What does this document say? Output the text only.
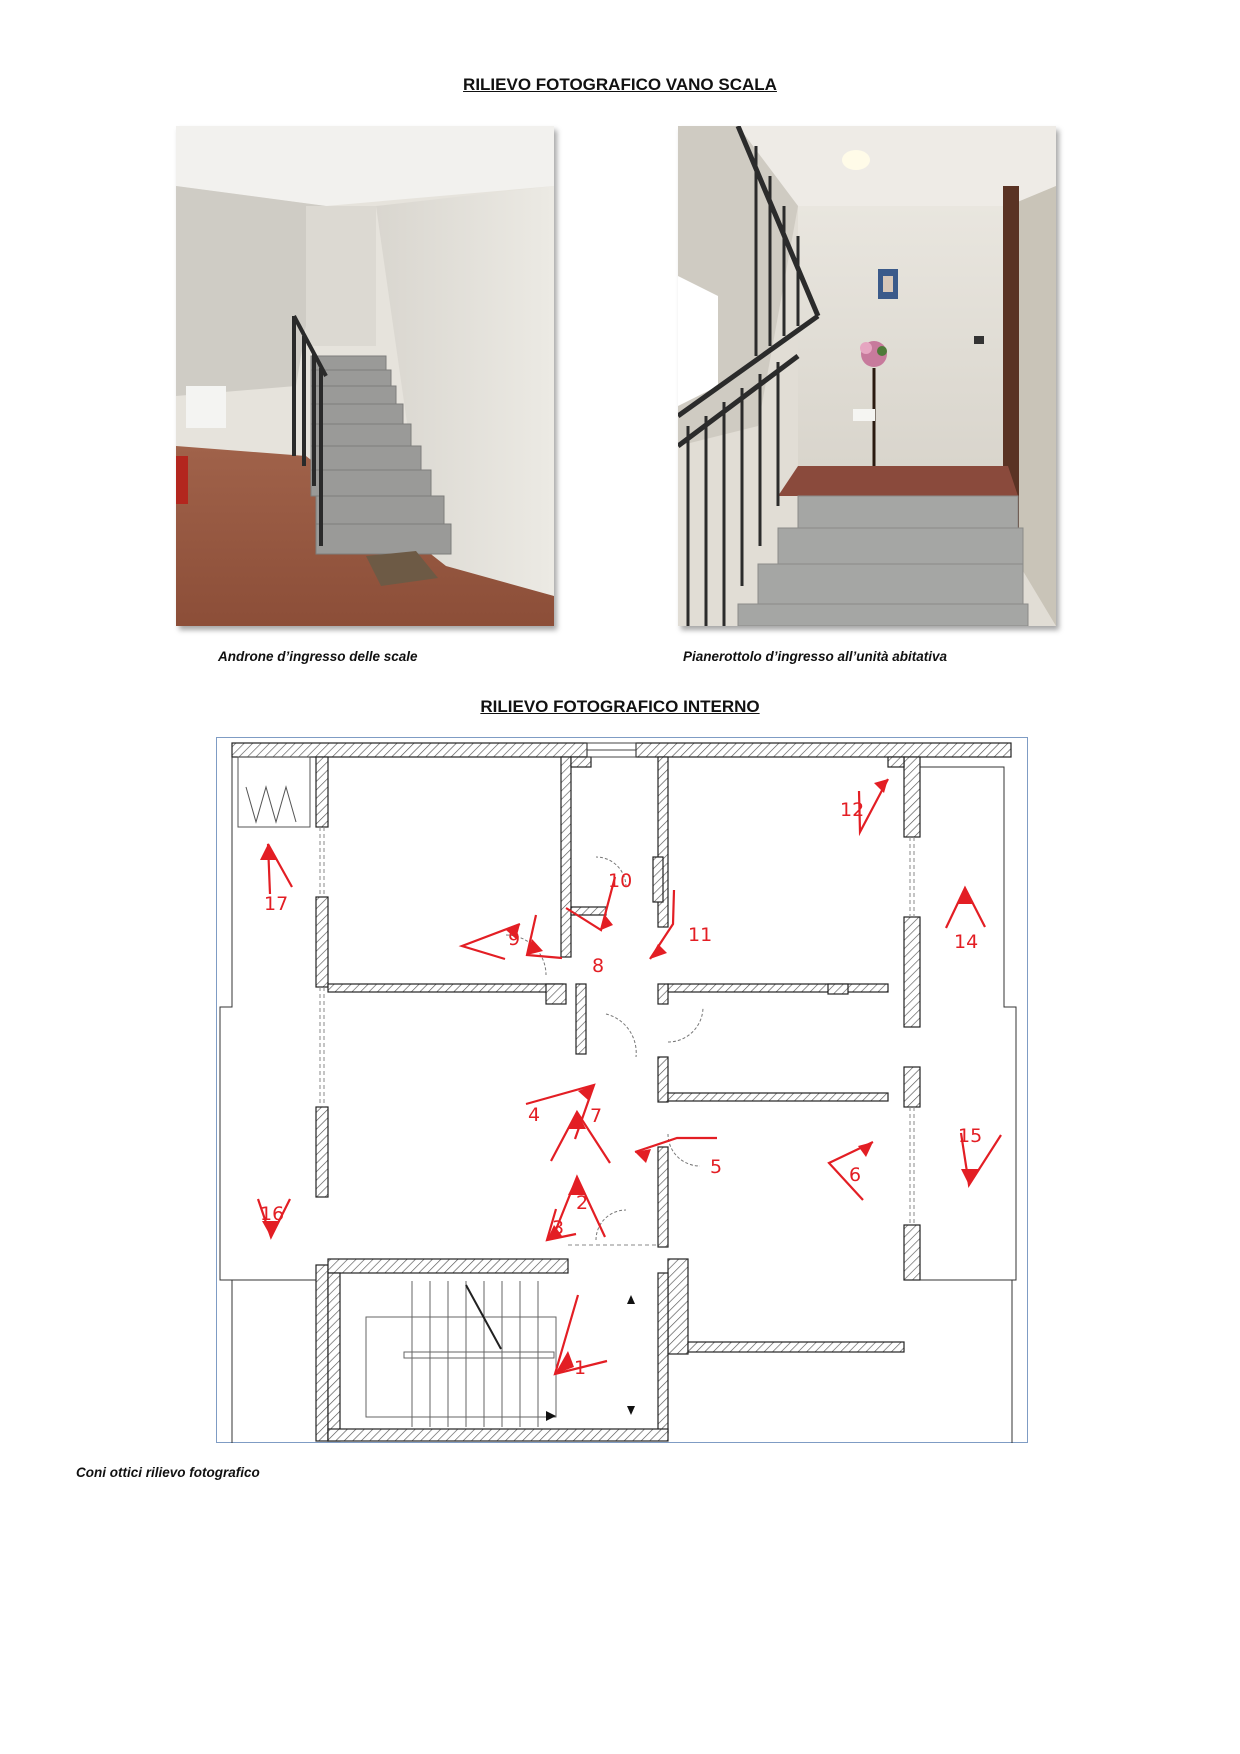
RILIEVO FOTOGRAFICO VANO SCALA
Androne d’ingresso delle scale	Pianerottolo d’ingresso all’unità abitativa
RILIEVO FOTOGRAFICO INTERNO
1
2
3
4
5	6
7
8
9
10
11
12
14
15
16
17
Coni ottici rilievo fotografico
